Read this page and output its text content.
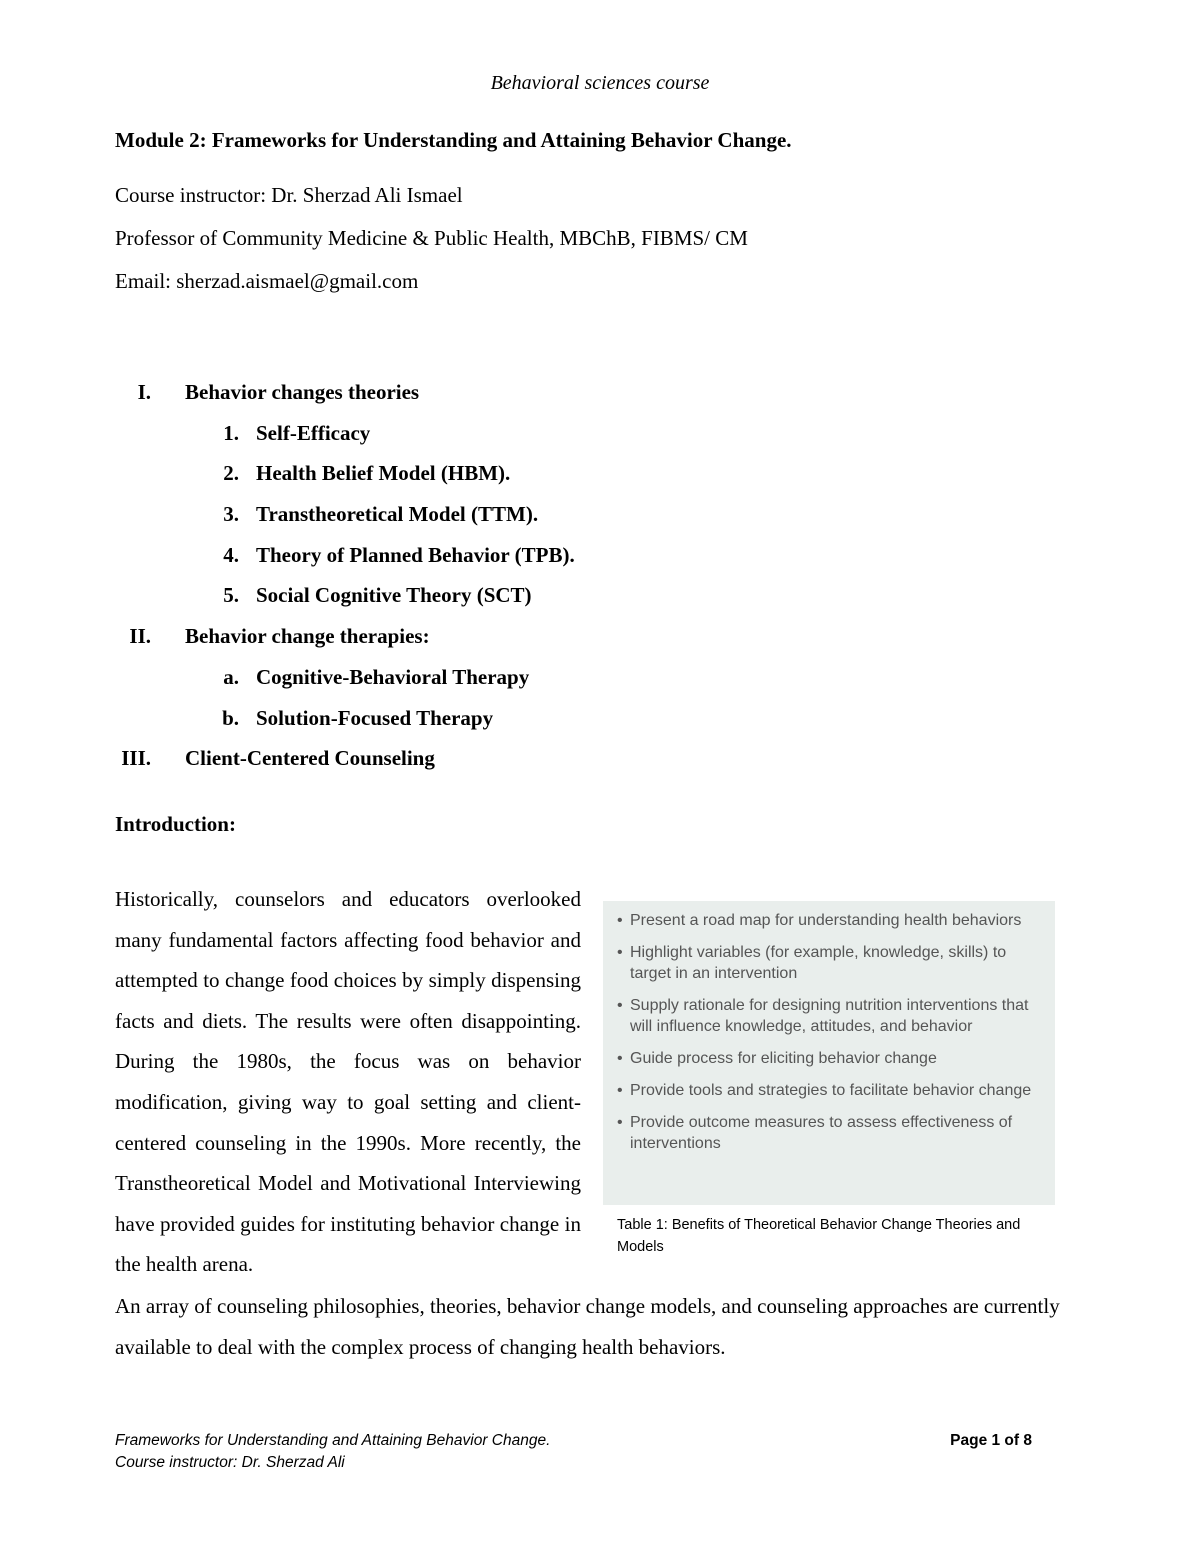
Behavioral sciences course
Module 2: Frameworks for Understanding and Attaining Behavior Change.
Course instructor: Dr. Sherzad Ali Ismael
Professor of Community Medicine & Public Health, MBChB, FIBMS/ CM
Email: sherzad.aismael@gmail.com
I. Behavior changes theories
1. Self-Efficacy
2. Health Belief Model (HBM).
3. Transtheoretical Model (TTM).
4. Theory of Planned Behavior (TPB).
5. Social Cognitive Theory (SCT)
II. Behavior change therapies:
a. Cognitive-Behavioral Therapy
b. Solution-Focused Therapy
III. Client-Centered Counseling
Introduction:
Historically, counselors and educators overlooked many fundamental factors affecting food behavior and attempted to change food choices by simply dispensing facts and diets. The results were often disappointing. During the 1980s, the focus was on behavior modification, giving way to goal setting and client-centered counseling in the 1990s. More recently, the Transtheoretical Model and Motivational Interviewing have provided guides for instituting behavior change in the health arena.
• Present a road map for understanding health behaviors
• Highlight variables (for example, knowledge, skills) to target in an intervention
• Supply rationale for designing nutrition interventions that will influence knowledge, attitudes, and behavior
• Guide process for eliciting behavior change
• Provide tools and strategies to facilitate behavior change
• Provide outcome measures to assess effectiveness of interventions
Table 1: Benefits of Theoretical Behavior Change Theories and Models
An array of counseling philosophies, theories, behavior change models, and counseling approaches are currently available to deal with the complex process of changing health behaviors.
Frameworks for Understanding and Attaining Behavior Change.
Course instructor: Dr. Sherzad Ali
Page 1 of 8
